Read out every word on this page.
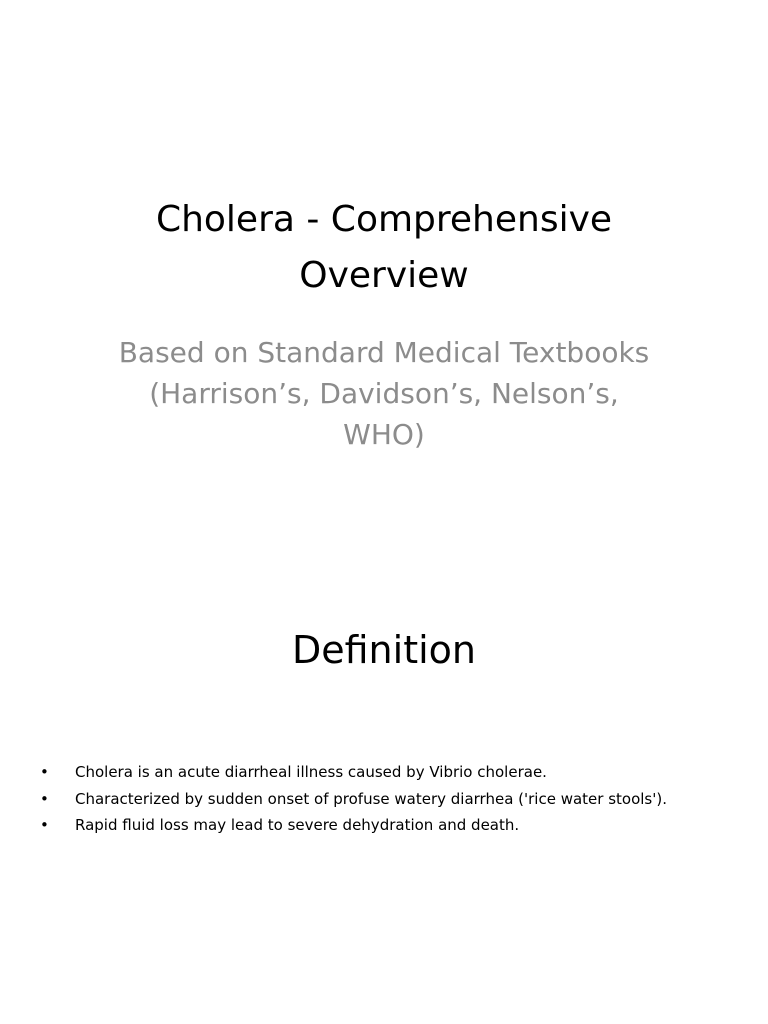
Cholera - Comprehensive Overview
Based on Standard Medical Textbooks (Harrison’s, Davidson’s, Nelson’s, WHO)
Definition
•	Cholera is an acute diarrheal illness caused by Vibrio cholerae.
•	Characterized by sudden onset of profuse watery diarrhea ('rice water stools').
•	Rapid fluid loss may lead to severe dehydration and death.
